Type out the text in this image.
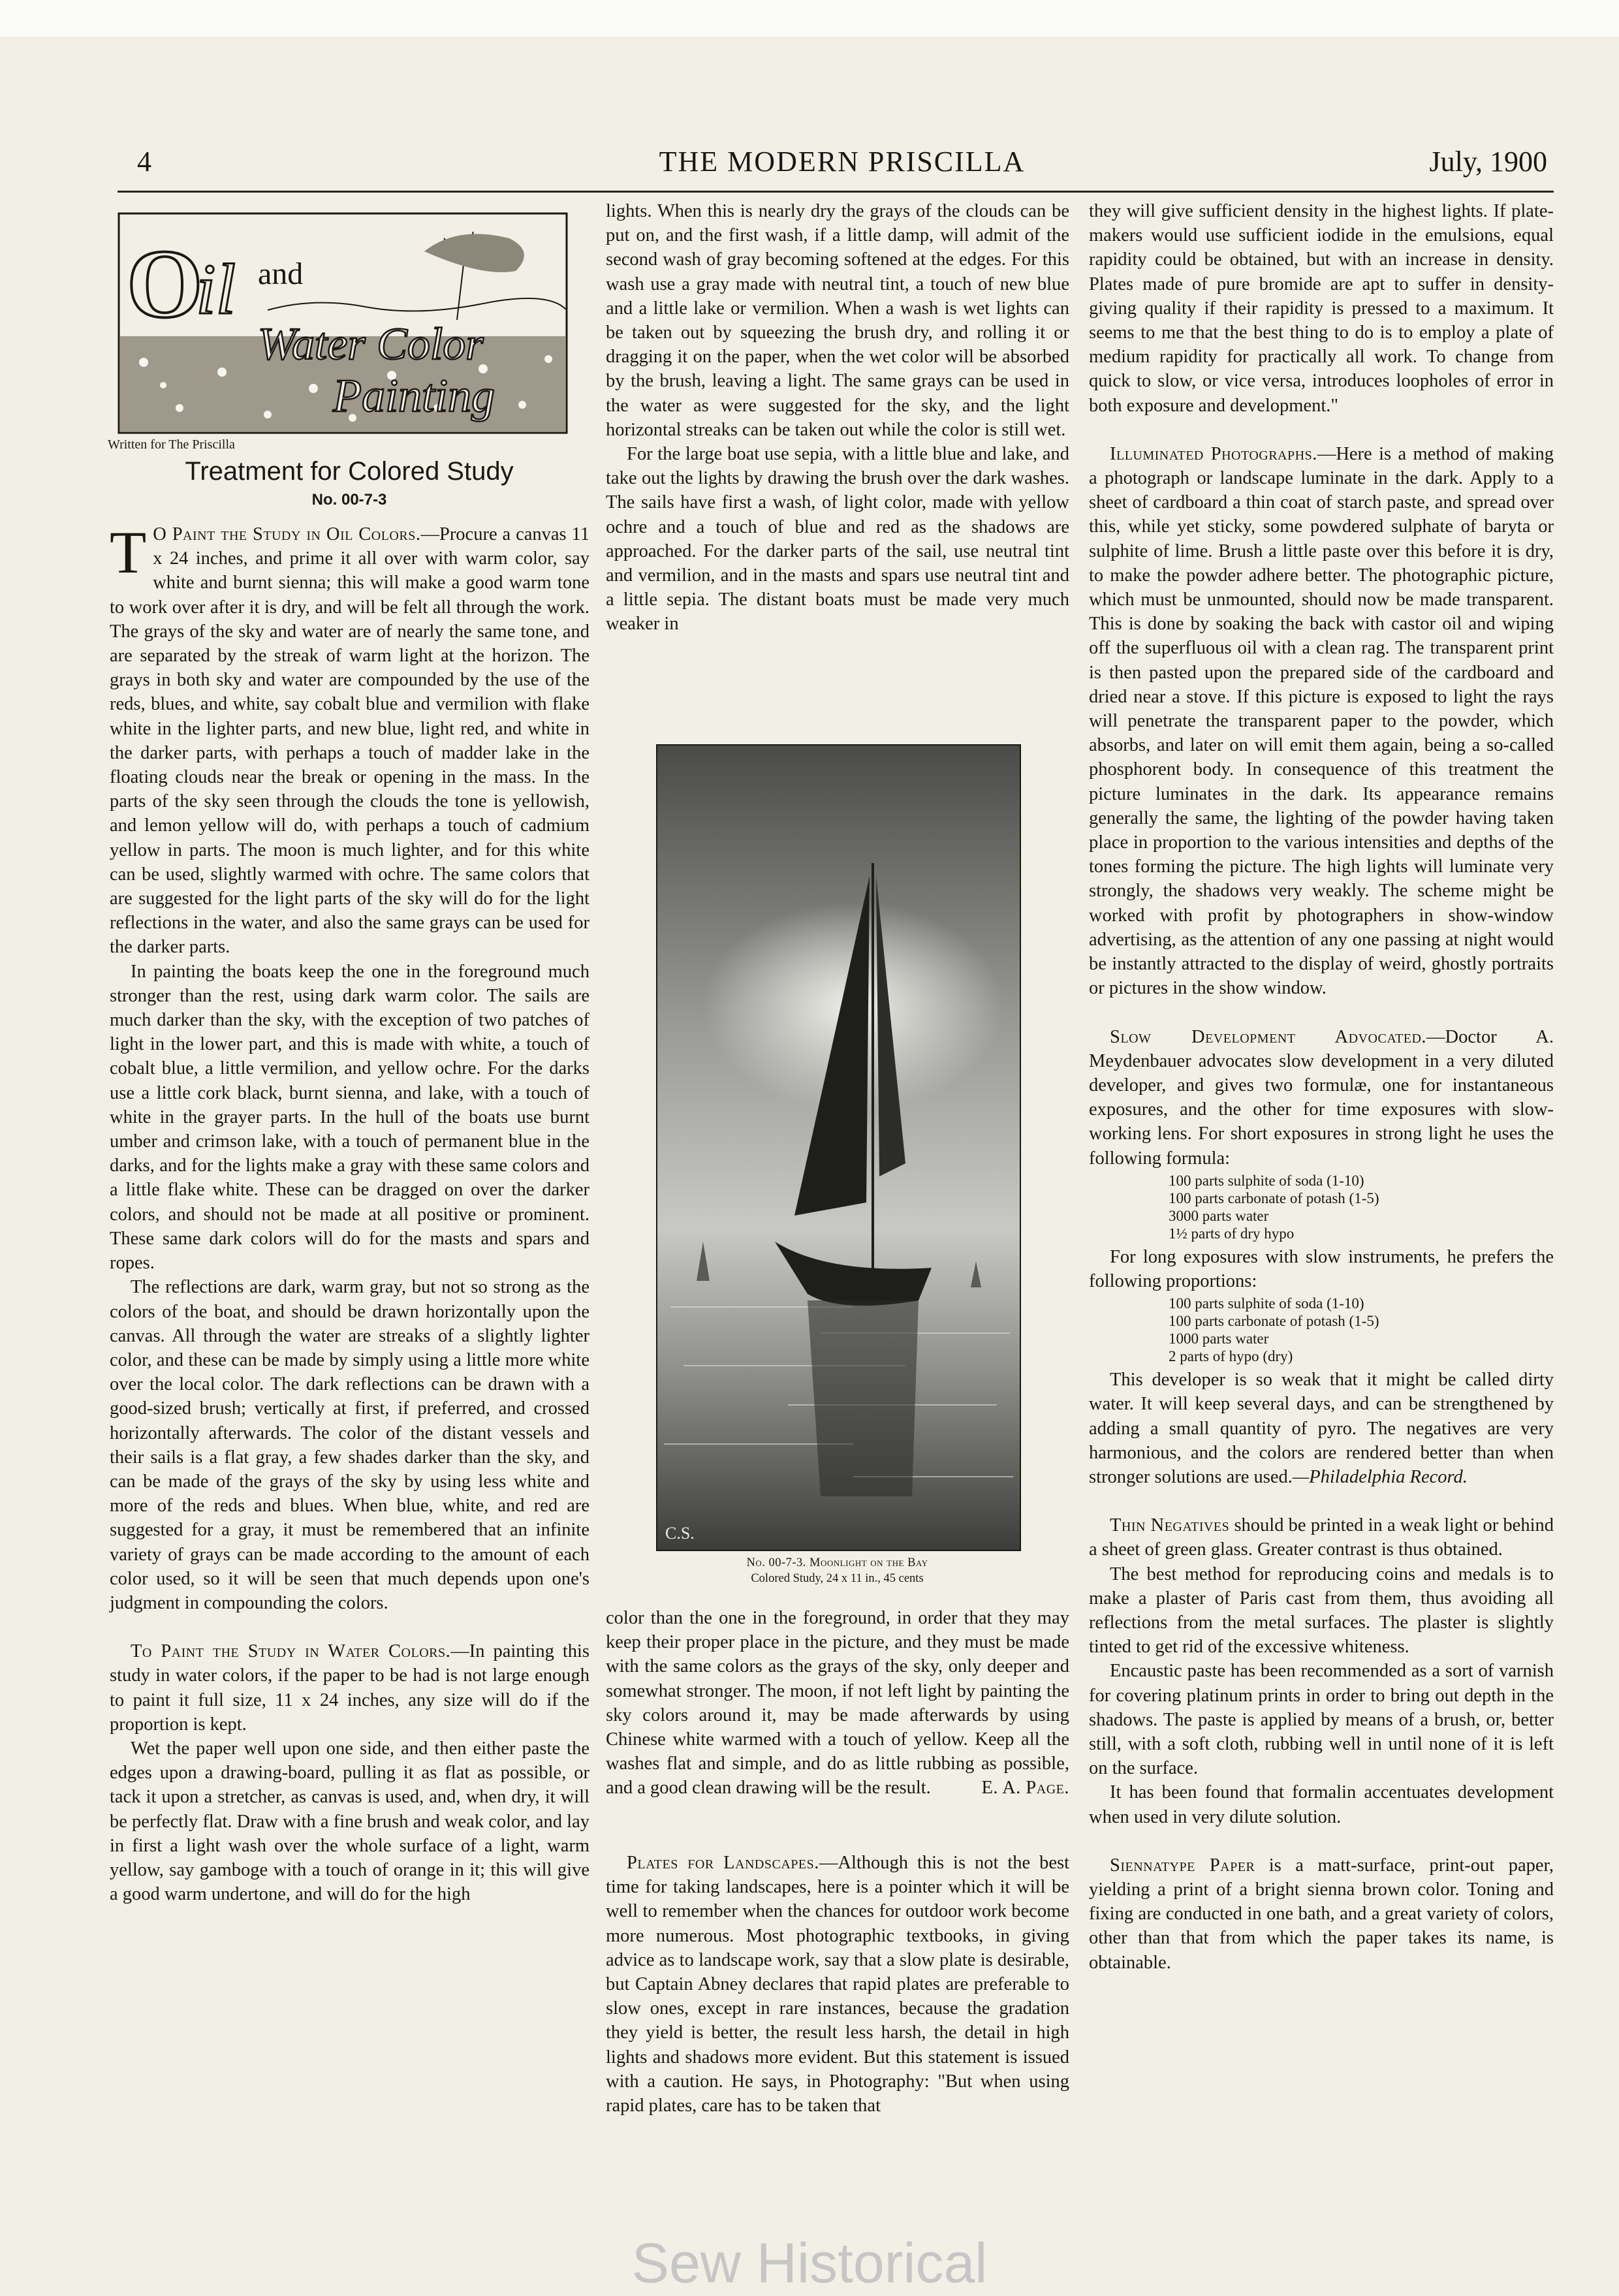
4	THE MODERN PRISCILLA	July, 1900
O
il and
Water Color
Painting
Written for The Priscilla
Treatment for Colored Study
No. 00-7-3

T O Paint the Study in Oil Colors.—Procure a canvas 11 x 24 inches, and prime it all over with warm color, say white and burnt sienna; this will make a good warm tone to work over after it is dry, and will be felt all through the work. The grays of the sky and water are of nearly the same tone, and are separated by the streak of warm light at the horizon. The grays in both sky and water are compounded by the use of the reds, blues, and white, say cobalt blue and vermilion with flake white in the lighter parts, and new blue, light red, and white in the darker parts, with perhaps a touch of madder lake in the floating clouds near the break or opening in the mass. In the parts of the sky seen through the clouds the tone is yellowish, and lemon yellow will do, with perhaps a touch of cadmium yellow in parts. The moon is much lighter, and for this white can be used, slightly warmed with ochre. The same colors that are suggested for the light parts of the sky will do for the light reflections in the water, and also the same grays can be used for the darker parts.

In painting the boats keep the one in the foreground much stronger than the rest, using dark warm color. The sails are much darker than the sky, with the exception of two patches of light in the lower part, and this is made with white, a touch of cobalt blue, a little vermilion, and yellow ochre. For the darks use a little cork black, burnt sienna, and lake, with a touch of white in the grayer parts. In the hull of the boats use burnt umber and crimson lake, with a touch of permanent blue in the darks, and for the lights make a gray with these same colors and a little flake white. These can be dragged on over the darker colors, and should not be made at all positive or prominent. These same dark colors will do for the masts and spars and ropes.

The reflections are dark, warm gray, but not so strong as the colors of the boat, and should be drawn horizontally upon the canvas. All through the water are streaks of a slightly lighter color, and these can be made by simply using a little more white over the local color. The dark reflections can be drawn with a good-sized brush; vertically at first, if preferred, and crossed horizontally afterwards. The color of the distant vessels and their sails is a flat gray, a few shades darker than the sky, and can be made of the grays of the sky by using less white and more of the reds and blues. When blue, white, and red are suggested for a gray, it must be remembered that an infinite variety of grays can be made according to the amount of each color used, so it will be seen that much depends upon one's judgment in compounding the colors.

To Paint the Study in Water Colors.—In painting this study in water colors, if the paper to be had is not large enough to paint it full size, 11 x 24 inches, any size will do if the proportion is kept.

Wet the paper well upon one side, and then either paste the edges upon a drawing-board, pulling it as flat as possible, or tack it upon a stretcher, as canvas is used, and, when dry, it will be perfectly flat. Draw with a fine brush and weak color, and lay in first a light wash over the whole surface of a light, warm yellow, say gamboge with a touch of orange in it; this will give a good warm undertone, and will do for the high

lights. When this is nearly dry the grays of the clouds can be put on, and the first wash, if a little damp, will admit of the second wash of gray becoming softened at the edges. For this wash use a gray made with neutral tint, a touch of new blue and a little lake or vermilion. When a wash is wet lights can be taken out by squeezing the brush dry, and rolling it or dragging it on the paper, when the wet color will be absorbed by the brush, leaving a light. The same grays can be used in the water as were suggested for the sky, and the light horizontal streaks can be taken out while the color is still wet.

For the large boat use sepia, with a little blue and lake, and take out the lights by drawing the brush over the dark washes. The sails have first a wash, of light color, made with yellow ochre and a touch of blue and red as the shadows are approached. For the darker parts of the sail, use neutral tint and vermilion, and in the masts and spars use neutral tint and a little sepia. The distant boats must be made very much weaker in

C.S.
No. 00-7-3. Moonlight on the Bay
Colored Study, 24 x 11 in., 45 cents

color than the one in the foreground, in order that they may keep their proper place in the picture, and they must be made with the same colors as the grays of the sky, only deeper and somewhat stronger. The moon, if not left light by painting the sky colors around it, may be made afterwards by using Chinese white warmed with a touch of yellow. Keep all the washes flat and simple, and do as little rubbing as possible, and a good clean drawing will be the result.	E. A. Page.

Plates for Landscapes.—Although this is not the best time for taking landscapes, here is a pointer which it will be well to remember when the chances for outdoor work become more numerous. Most photographic textbooks, in giving advice as to landscape work, say that a slow plate is desirable, but Captain Abney declares that rapid plates are preferable to slow ones, except in rare instances, because the gradation they yield is better, the result less harsh, the detail in high lights and shadows more evident. But this statement is issued with a caution. He says, in Photography: "But when using rapid plates, care has to be taken that

they will give sufficient density in the highest lights. If plate-makers would use sufficient iodide in the emulsions, equal rapidity could be obtained, but with an increase in density. Plates made of pure bromide are apt to suffer in density-giving quality if their rapidity is pressed to a maximum. It seems to me that the best thing to do is to employ a plate of medium rapidity for practically all work. To change from quick to slow, or vice versa, introduces loopholes of error in both exposure and development."

Illuminated Photographs.—Here is a method of making a photograph or landscape luminate in the dark. Apply to a sheet of cardboard a thin coat of starch paste, and spread over this, while yet sticky, some powdered sulphate of baryta or sulphite of lime. Brush a little paste over this before it is dry, to make the powder adhere better. The photographic picture, which must be unmounted, should now be made transparent. This is done by soaking the back with castor oil and wiping off the superfluous oil with a clean rag. The transparent print is then pasted upon the prepared side of the cardboard and dried near a stove. If this picture is exposed to light the rays will penetrate the transparent paper to the powder, which absorbs, and later on will emit them again, being a so-called phosphorent body. In consequence of this treatment the picture luminates in the dark. Its appearance remains generally the same, the lighting of the powder having taken place in proportion to the various intensities and depths of the tones forming the picture. The high lights will luminate very strongly, the shadows very weakly. The scheme might be worked with profit by photographers in show-window advertising, as the attention of any one passing at night would be instantly attracted to the display of weird, ghostly portraits or pictures in the show window.

Slow Development Advocated.—Doctor A. Meydenbauer advocates slow development in a very diluted developer, and gives two formulæ, one for instantaneous exposures, and the other for time exposures with slow-working lens. For short exposures in strong light he uses the following formula:

100 parts sulphite of soda (1-10)
100 parts carbonate of potash (1-5)
3000 parts water
1½ parts of dry hypo

For long exposures with slow instruments, he prefers the following proportions:

100 parts sulphite of soda (1-10)
100 parts carbonate of potash (1-5)
1000 parts water
2 parts of hypo (dry)

This developer is so weak that it might be called dirty water. It will keep several days, and can be strengthened by adding a small quantity of pyro. The negatives are very harmonious, and the colors are rendered better than when stronger solutions are used.—Philadelphia Record.

Thin Negatives should be printed in a weak light or behind a sheet of green glass. Greater contrast is thus obtained.

The best method for reproducing coins and medals is to make a plaster of Paris cast from them, thus avoiding all reflections from the metal surfaces. The plaster is slightly tinted to get rid of the excessive whiteness.

Encaustic paste has been recommended as a sort of varnish for covering platinum prints in order to bring out depth in the shadows. The paste is applied by means of a brush, or, better still, with a soft cloth, rubbing well in until none of it is left on the surface.

It has been found that formalin accentuates development when used in very dilute solution.

Siennatype Paper is a matt-surface, print-out paper, yielding a print of a bright sienna brown color. Toning and fixing are conducted in one bath, and a great variety of colors, other than that from which the paper takes its name, is obtainable.

Sew Historical
